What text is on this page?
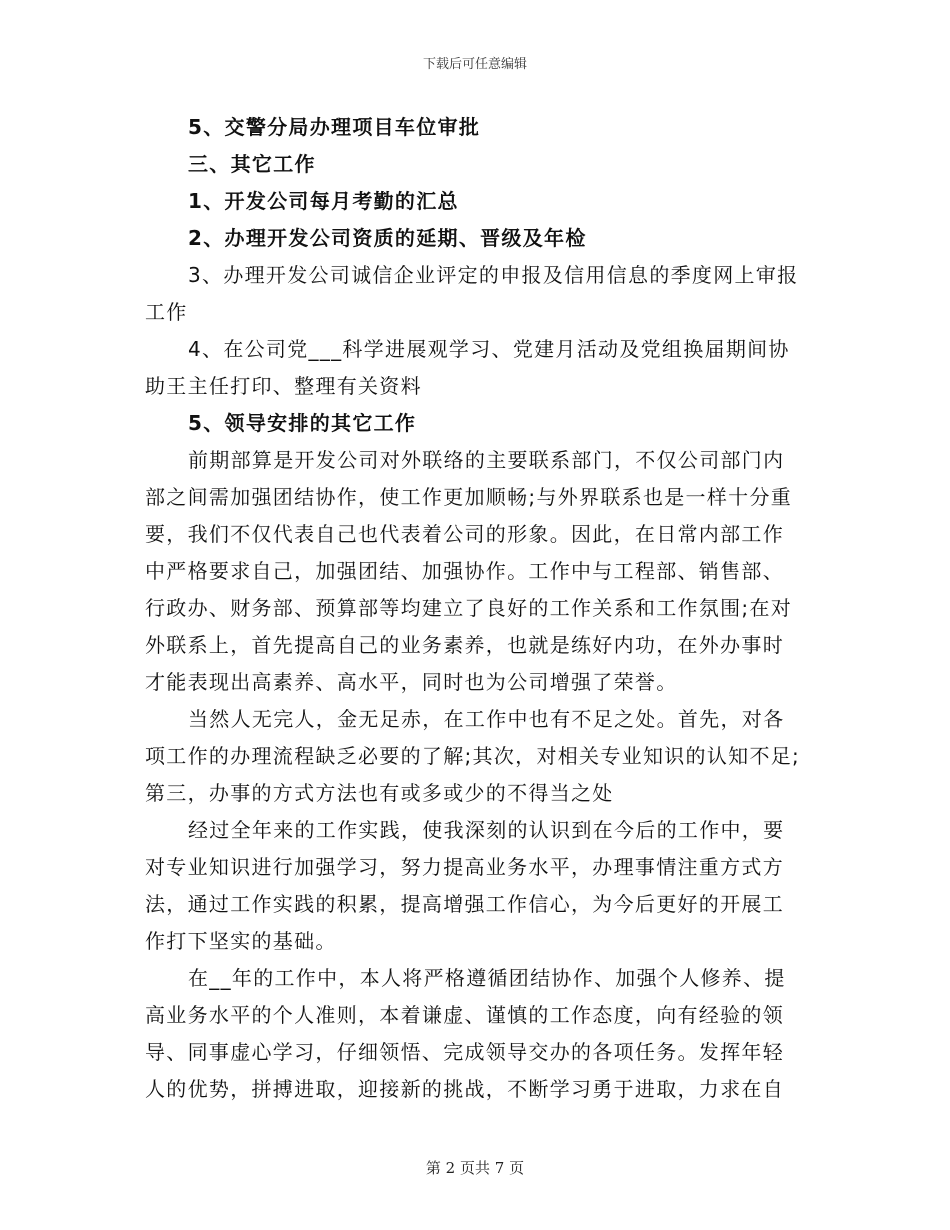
下载后可任意编辑
5、交警分局办理项目车位审批
三、其它工作
1、开发公司每月考勤的汇总
2、办理开发公司资质的延期、晋级及年检
3、办理开发公司诚信企业评定的申报及信用信息的季度网上审报
工作
4、在公司党___科学进展观学习、党建月活动及党组换届期间协
助王主任打印、整理有关资料
5、领导安排的其它工作
前期部算是开发公司对外联络的主要联系部门，不仅公司部门内
部之间需加强团结协作，使工作更加顺畅;与外界联系也是一样十分重
要，我们不仅代表自己也代表着公司的形象。因此，在日常内部工作
中严格要求自己，加强团结、加强协作。工作中与工程部、销售部、
行政办、财务部、预算部等均建立了良好的工作关系和工作氛围;在对
外联系上，首先提高自己的业务素养，也就是练好内功，在外办事时
才能表现出高素养、高水平，同时也为公司增强了荣誉。
当然人无完人，金无足赤，在工作中也有不足之处。首先，对各
项工作的办理流程缺乏必要的了解;其次，对相关专业知识的认知不足;
第三，办事的方式方法也有或多或少的不得当之处
经过全年来的工作实践，使我深刻的认识到在今后的工作中，要
对专业知识进行加强学习，努力提高业务水平，办理事情注重方式方
法，通过工作实践的积累，提高增强工作信心，为今后更好的开展工
作打下坚实的基础。
在__年的工作中，本人将严格遵循团结协作、加强个人修养、提
高业务水平的个人准则，本着谦虚、谨慎的工作态度，向有经验的领
导、同事虚心学习，仔细领悟、完成领导交办的各项任务。发挥年轻
人的优势，拼搏进取，迎接新的挑战，不断学习勇于进取，力求在自
第 2 页共 7 页
